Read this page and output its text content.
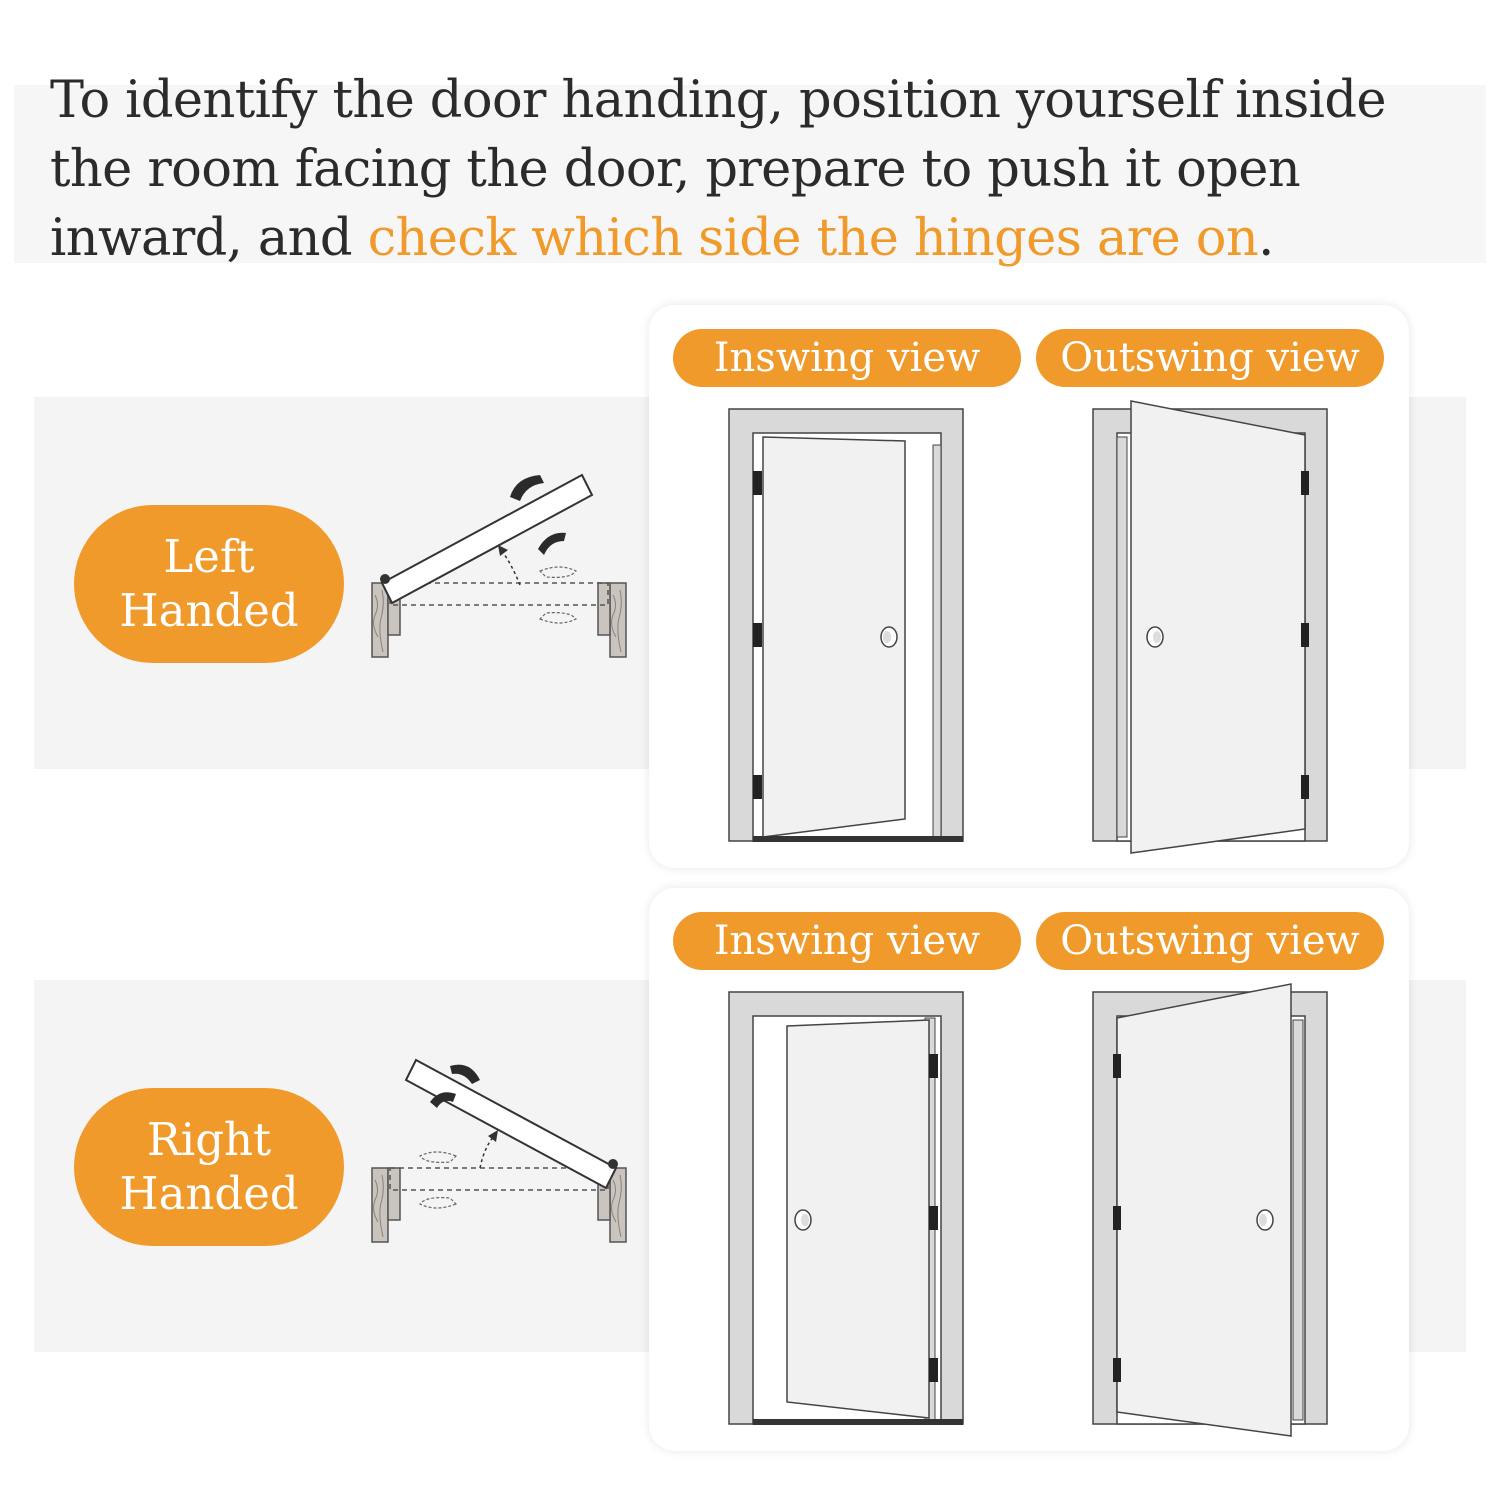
To identify the door handing, position yourself inside the room facing the door, prepare to push it open inward, and check which side the hinges are on.

Left
Handed
Inswing view	Outswing view
Right
Handed
Inswing view	Outswing view
